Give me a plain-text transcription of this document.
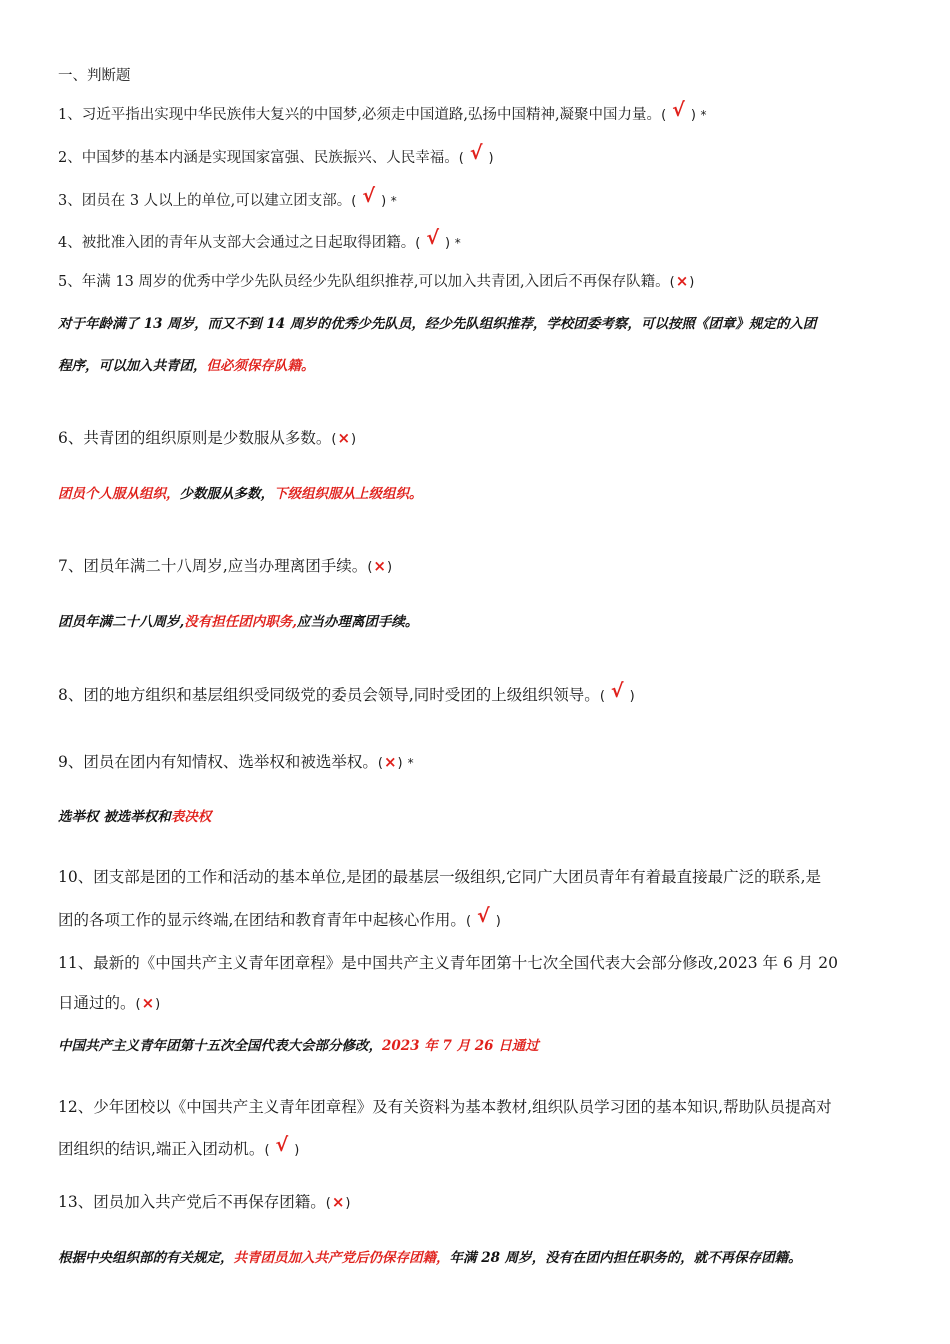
一、判断题
1、习近平指出实现中华民族伟大复兴的中国梦,必须走中国道路,弘扬中国精神,凝聚中国力量。( √ ) *
2、中国梦的基本内涵是实现国家富强、民族振兴、人民幸福。( √ )
3、团员在 3 人以上的单位,可以建立团支部。( √ ) *
4、被批准入团的青年从支部大会通过之日起取得团籍。( √ ) *
5、年满 13 周岁的优秀中学少先队员经少先队组织推荐,可以加入共青团,入团后不再保存队籍。(×)
对于年龄满了 13 周岁，而又不到 14 周岁的优秀少先队员，经少先队组织推荐，学校团委考察，可以按照《团章》规定的入团
程序，可以加入共青团，但必须保存队籍。
6、共青团的组织原则是少数服从多数。(×)
团员个人服从组织，少数服从多数，下级组织服从上级组织。
7、团员年满二十八周岁,应当办理离团手续。(×)
团员年满二十八周岁,没有担任团内职务,应当办理离团手续。
8、团的地方组织和基层组织受同级党的委员会领导,同时受团的上级组织领导。( √ )
9、团员在团内有知情权、选举权和被选举权。(×) *
选举权 被选举权和表决权
10、团支部是团的工作和活动的基本单位,是团的最基层一级组织,它同广大团员青年有着最直接最广泛的联系,是
团的各项工作的显示终端,在团结和教育青年中起核心作用。( √ )
11、最新的《中国共产主义青年团章程》是中国共产主义青年团第十七次全国代表大会部分修改,2023 年 6 月 20
日通过的。(×)
中国共产主义青年团第十五次全国代表大会部分修改，2023 年 7 月 26 日通过
12、少年团校以《中国共产主义青年团章程》及有关资料为基本教材,组织队员学习团的基本知识,帮助队员提高对
团组织的结识,端正入团动机。( √ )
13、团员加入共产党后不再保存团籍。(×)
根据中央组织部的有关规定，共青团员加入共产党后仍保存团籍，年满 28 周岁，没有在团内担任职务的，就不再保存团籍。
